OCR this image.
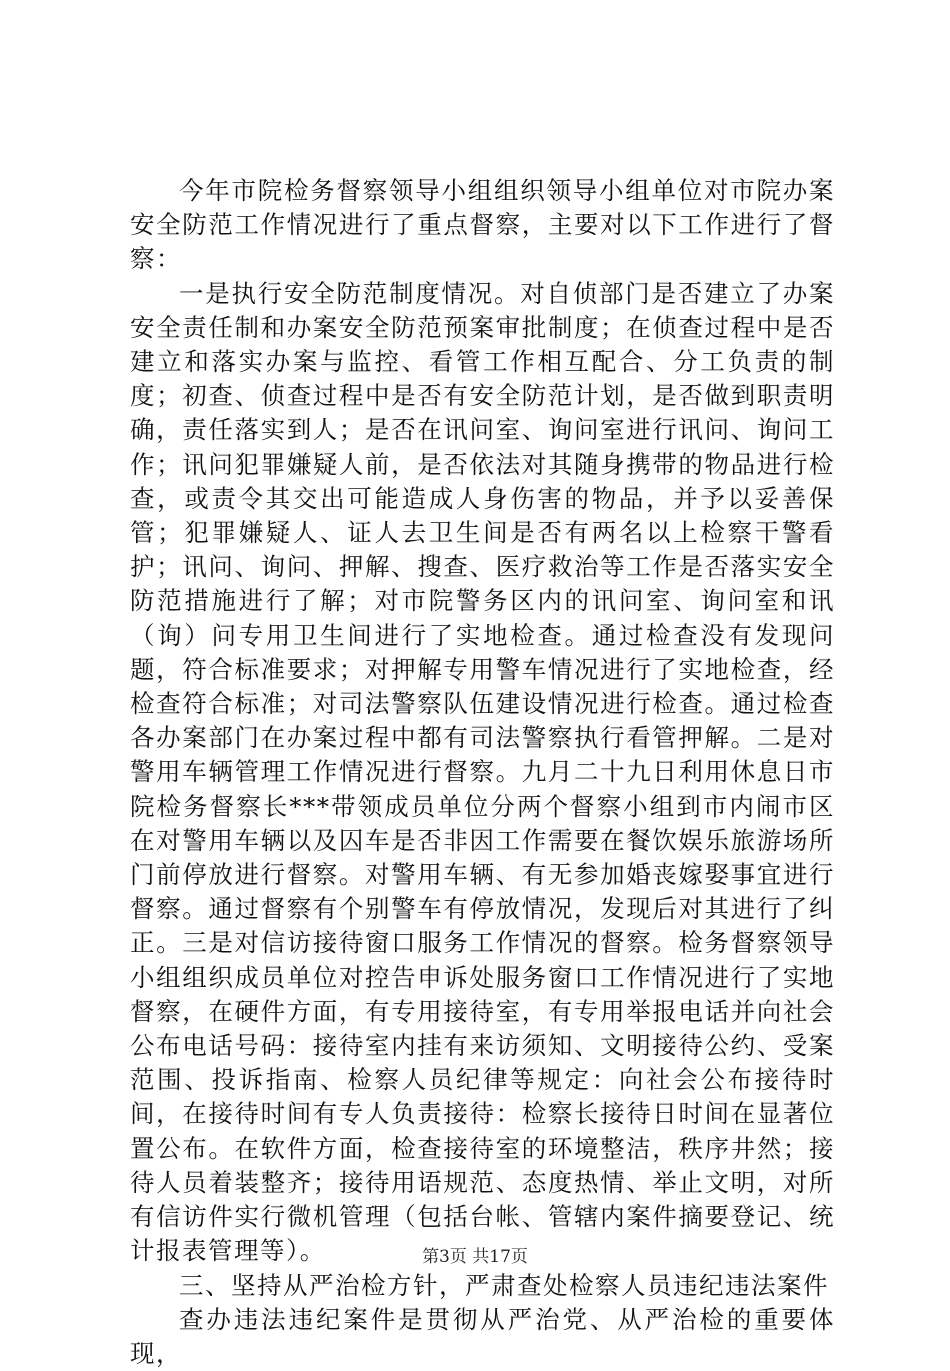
今年市院检务督察领导小组组织领导小组单位对市院办案安全防范工作情况进行了重点督察，主要对以下工作进行了督察：

一是执行安全防范制度情况。对自侦部门是否建立了办案安全责任制和办案安全防范预案审批制度；在侦查过程中是否建立和落实办案与监控、看管工作相互配合、分工负责的制度；初查、侦查过程中是否有安全防范计划，是否做到职责明确，责任落实到人；是否在讯问室、询问室进行讯问、询问工作；讯问犯罪嫌疑人前，是否依法对其随身携带的物品进行检查，或责令其交出可能造成人身伤害的物品，并予以妥善保管；犯罪嫌疑人、证人去卫生间是否有两名以上检察干警看护；讯问、询问、押解、搜查、医疗救治等工作是否落实安全防范措施进行了解；对市院警务区内的讯问室、询问室和讯（询）问专用卫生间进行了实地检查。通过检查没有发现问题，符合标准要求；对押解专用警车情况进行了实地检查，经检查符合标准；对司法警察队伍建设情况进行检查。通过检查各办案部门在办案过程中都有司法警察执行看管押解。二是对警用车辆管理工作情况进行督察。九月二十九日利用休息日市院检务督察长***带领成员单位分两个督察小组到市内闹市区在对警用车辆以及囚车是否非因工作需要在餐饮娱乐旅游场所门前停放进行督察。对警用车辆、有无参加婚丧嫁娶事宜进行督察。通过督察有个别警车有停放情况，发现后对其进行了纠正。三是对信访接待窗口服务工作情况的督察。检务督察领导小组组织成员单位对控告申诉处服务窗口工作情况进行了实地督察，在硬件方面，有专用接待室，有专用举报电话并向社会公布电话号码：接待室内挂有来访须知、文明接待公约、受案范围、投诉指南、检察人员纪律等规定：向社会公布接待时间，在接待时间有专人负责接待：检察长接待日时间在显著位置公布。在软件方面，检查接待室的环境整洁，秩序井然；接待人员着装整齐；接待用语规范、态度热情、举止文明，对所有信访件实行微机管理（包括台帐、管辖内案件摘要登记、统计报表管理等）。

三、坚持从严治检方针，严肃查处检察人员违纪违法案件

查办违法违纪案件是贯彻从严治党、从严治检的重要体现，

第3页 共17页
